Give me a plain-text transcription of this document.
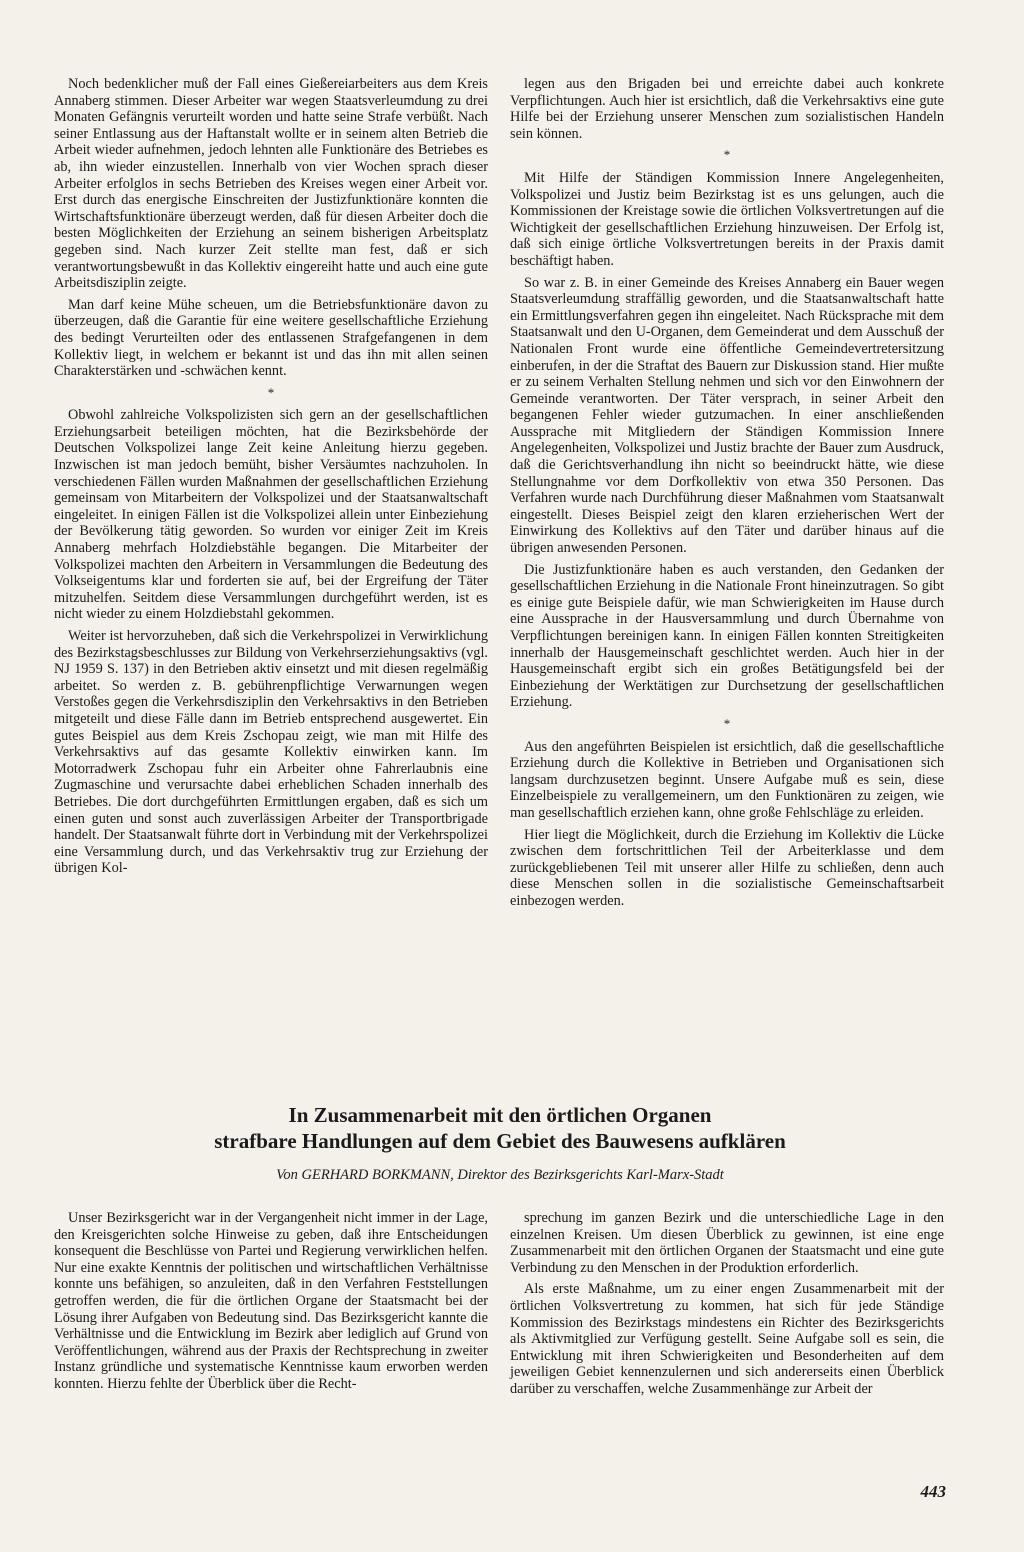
Noch bedenklicher muß der Fall eines Gießereiarbeiters aus dem Kreis Annaberg stimmen. Dieser Arbeiter war wegen Staatsverleumdung zu drei Monaten Gefängnis verurteilt worden und hatte seine Strafe verbüßt. Nach seiner Entlassung aus der Haftanstalt wollte er in seinem alten Betrieb die Arbeit wieder aufnehmen, jedoch lehnten alle Funktionäre des Betriebes es ab, ihn wieder einzustellen. Innerhalb von vier Wochen sprach dieser Arbeiter erfolglos in sechs Betrieben des Kreises wegen einer Arbeit vor. Erst durch das energische Einschreiten der Justizfunktionäre konnten die Wirtschaftsfunktionäre überzeugt werden, daß für diesen Arbeiter doch die besten Möglichkeiten der Erziehung an seinem bisherigen Arbeitsplatz gegeben sind. Nach kurzer Zeit stellte man fest, daß er sich verantwortungsbewußt in das Kollektiv eingereiht hatte und auch eine gute Arbeitsdisziplin zeigte.

Man darf keine Mühe scheuen, um die Betriebsfunktionäre davon zu überzeugen, daß die Garantie für eine weitere gesellschaftliche Erziehung des bedingt Verurteilten oder des entlassenen Strafgefangenen in dem Kollektiv liegt, in welchem er bekannt ist und das ihn mit allen seinen Charakterstärken und -schwächen kennt.

*

Obwohl zahlreiche Volkspolizisten sich gern an der gesellschaftlichen Erziehungsarbeit beteiligen möchten, hat die Bezirksbehörde der Deutschen Volkspolizei lange Zeit keine Anleitung hierzu gegeben. Inzwischen ist man jedoch bemüht, bisher Versäumtes nachzuholen. In verschiedenen Fällen wurden Maßnahmen der gesellschaftlichen Erziehung gemeinsam von Mitarbeitern der Volkspolizei und der Staatsanwaltschaft eingeleitet. In einigen Fällen ist die Volkspolizei allein unter Einbeziehung der Bevölkerung tätig geworden. So wurden vor einiger Zeit im Kreis Annaberg mehrfach Holzdiebstähle begangen. Die Mitarbeiter der Volkspolizei machten den Arbeitern in Versammlungen die Bedeutung des Volkseigentums klar und forderten sie auf, bei der Ergreifung der Täter mitzuhelfen. Seitdem diese Versammlungen durchgeführt werden, ist es nicht wieder zu einem Holzdiebstahl gekommen.

Weiter ist hervorzuheben, daß sich die Verkehrspolizei in Verwirklichung des Bezirkstagsbeschlusses zur Bildung von Verkehrserziehungsaktivs (vgl. NJ 1959 S. 137) in den Betrieben aktiv einsetzt und mit diesen regelmäßig arbeitet. So werden z. B. gebührenpflichtige Verwarnungen wegen Verstoßes gegen die Verkehrsdisziplin den Verkehrsaktivs in den Betrieben mitgeteilt und diese Fälle dann im Betrieb entsprechend ausgewertet. Ein gutes Beispiel aus dem Kreis Zschopau zeigt, wie man mit Hilfe des Verkehrsaktivs auf das gesamte Kollektiv einwirken kann. Im Motorradwerk Zschopau fuhr ein Arbeiter ohne Fahrerlaubnis eine Zugmaschine und verursachte dabei erheblichen Schaden innerhalb des Betriebes. Die dort durchgeführten Ermittlungen ergaben, daß es sich um einen guten und sonst auch zuverlässigen Arbeiter der Transportbrigade handelt. Der Staatsanwalt führte dort in Verbindung mit der Verkehrspolizei eine Versammlung durch, und das Verkehrsaktiv trug zur Erziehung der übrigen Kol-

legen aus den Brigaden bei und erreichte dabei auch konkrete Verpflichtungen. Auch hier ist ersichtlich, daß die Verkehrsaktivs eine gute Hilfe bei der Erziehung unserer Menschen zum sozialistischen Handeln sein können.

*

Mit Hilfe der Ständigen Kommission Innere Angelegenheiten, Volkspolizei und Justiz beim Bezirkstag ist es uns gelungen, auch die Kommissionen der Kreistage sowie die örtlichen Volksvertretungen auf die Wichtigkeit der gesellschaftlichen Erziehung hinzuweisen. Der Erfolg ist, daß sich einige örtliche Volksvertretungen bereits in der Praxis damit beschäftigt haben.

So war z. B. in einer Gemeinde des Kreises Annaberg ein Bauer wegen Staatsverleumdung straffällig geworden, und die Staatsanwaltschaft hatte ein Ermittlungsverfahren gegen ihn eingeleitet. Nach Rücksprache mit dem Staatsanwalt und den U-Organen, dem Gemeinderat und dem Ausschuß der Nationalen Front wurde eine öffentliche Gemeindevertretersitzung einberufen, in der die Straftat des Bauern zur Diskussion stand. Hier mußte er zu seinem Verhalten Stellung nehmen und sich vor den Einwohnern der Gemeinde verantworten. Der Täter versprach, in seiner Arbeit den begangenen Fehler wieder gutzumachen. In einer anschließenden Aussprache mit Mitgliedern der Ständigen Kommission Innere Angelegenheiten, Volkspolizei und Justiz brachte der Bauer zum Ausdruck, daß die Gerichtsverhandlung ihn nicht so beeindruckt hätte, wie diese Stellungnahme vor dem Dorfkollektiv von etwa 350 Personen. Das Verfahren wurde nach Durchführung dieser Maßnahmen vom Staatsanwalt eingestellt. Dieses Beispiel zeigt den klaren erzieherischen Wert der Einwirkung des Kollektivs auf den Täter und darüber hinaus auf die übrigen anwesenden Personen.

Die Justizfunktionäre haben es auch verstanden, den Gedanken der gesellschaftlichen Erziehung in die Nationale Front hineinzutragen. So gibt es einige gute Beispiele dafür, wie man Schwierigkeiten im Hause durch eine Aussprache in der Hausversammlung und durch Übernahme von Verpflichtungen bereinigen kann. In einigen Fällen konnten Streitigkeiten innerhalb der Hausgemeinschaft geschlichtet werden. Auch hier in der Hausgemeinschaft ergibt sich ein großes Betätigungsfeld bei der Einbeziehung der Werktätigen zur Durchsetzung der gesellschaftlichen Erziehung.

*

Aus den angeführten Beispielen ist ersichtlich, daß die gesellschaftliche Erziehung durch die Kollektive in Betrieben und Organisationen sich langsam durchzusetzen beginnt. Unsere Aufgabe muß es sein, diese Einzelbeispiele zu verallgemeinern, um den Funktionären zu zeigen, wie man gesellschaftlich erziehen kann, ohne große Fehlschläge zu erleiden.

Hier liegt die Möglichkeit, durch die Erziehung im Kollektiv die Lücke zwischen dem fortschrittlichen Teil der Arbeiterklasse und dem zurückgebliebenen Teil mit unserer aller Hilfe zu schließen, denn auch diese Menschen sollen in die sozialistische Gemeinschaftsarbeit einbezogen werden.

In Zusammenarbeit mit den örtlichen Organen
strafbare Handlungen auf dem Gebiet des Bauwesens aufklären
Von GERHARD BORKMANN, Direktor des Bezirksgerichts Karl-Marx-Stadt

Unser Bezirksgericht war in der Vergangenheit nicht immer in der Lage, den Kreisgerichten solche Hinweise zu geben, daß ihre Entscheidungen konsequent die Beschlüsse von Partei und Regierung verwirklichen helfen. Nur eine exakte Kenntnis der politischen und wirtschaftlichen Verhältnisse konnte uns befähigen, so anzuleiten, daß in den Verfahren Feststellungen getroffen werden, die für die örtlichen Organe der Staatsmacht bei der Lösung ihrer Aufgaben von Bedeutung sind. Das Bezirksgericht kannte die Verhältnisse und die Entwicklung im Bezirk aber lediglich auf Grund von Veröffentlichungen, während aus der Praxis der Rechtsprechung in zweiter Instanz gründliche und systematische Kenntnisse kaum erworben werden konnten. Hierzu fehlte der Überblick über die Recht-

sprechung im ganzen Bezirk und die unterschiedliche Lage in den einzelnen Kreisen. Um diesen Überblick zu gewinnen, ist eine enge Zusammenarbeit mit den örtlichen Organen der Staatsmacht und eine gute Verbindung zu den Menschen in der Produktion erforderlich.

Als erste Maßnahme, um zu einer engen Zusammenarbeit mit der örtlichen Volksvertretung zu kommen, hat sich für jede Ständige Kommission des Bezirkstags mindestens ein Richter des Bezirksgerichts als Aktivmitglied zur Verfügung gestellt. Seine Aufgabe soll es sein, die Entwicklung mit ihren Schwierigkeiten und Besonderheiten auf dem jeweiligen Gebiet kennenzulernen und sich andererseits einen Überblick darüber zu verschaffen, welche Zusammenhänge zur Arbeit der

443
